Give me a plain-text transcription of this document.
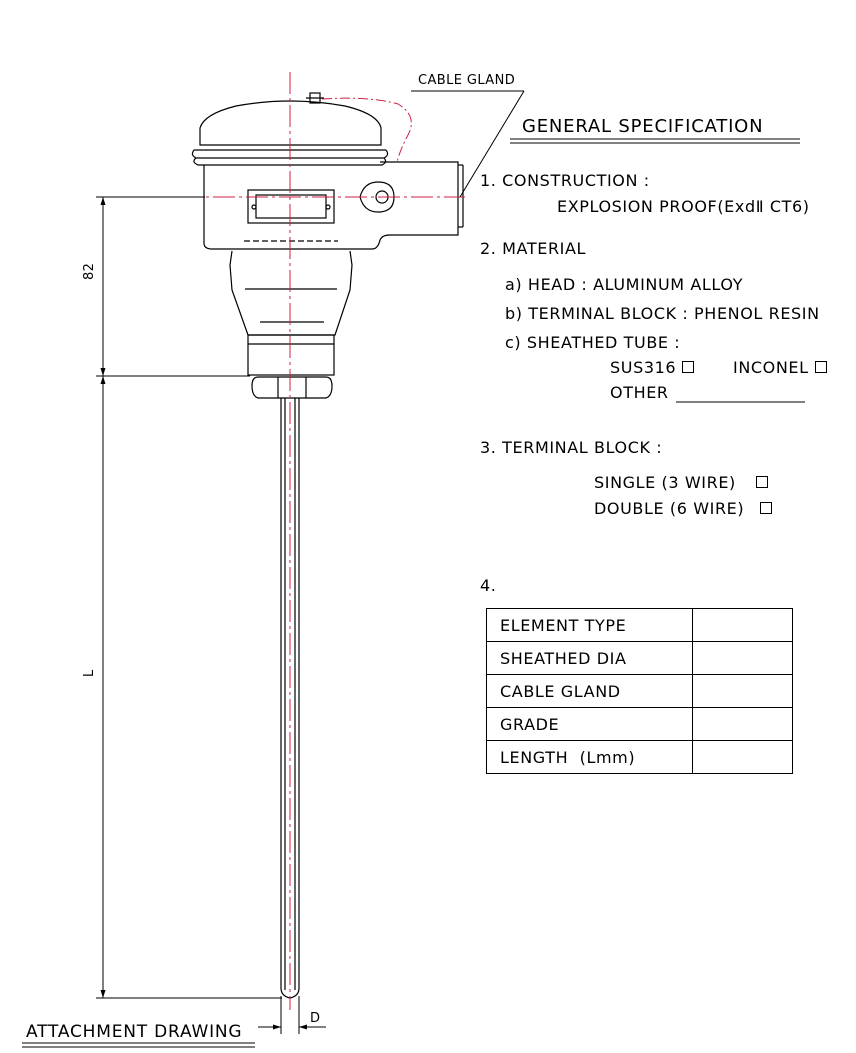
CABLE GLAND
82
L
D
ATTACHMENT DRAWING
GENERAL SPECIFICATION
1. CONSTRUCTION :
EXPLOSION PROOF(ExdⅡ CT6)
2. MATERIAL
a) HEAD : ALUMINUM ALLOY
b) TERMINAL BLOCK : PHENOL RESIN
c) SHEATHED TUBE :
SUS316	INCONEL
OTHER
3. TERMINAL BLOCK :
SINGLE (3 WIRE)
DOUBLE (6 WIRE)
4.
ELEMENT TYPE	
SHEATHED DIA	
CABLE GLAND	
GRADE	
LENGTH  (Lmm)	
